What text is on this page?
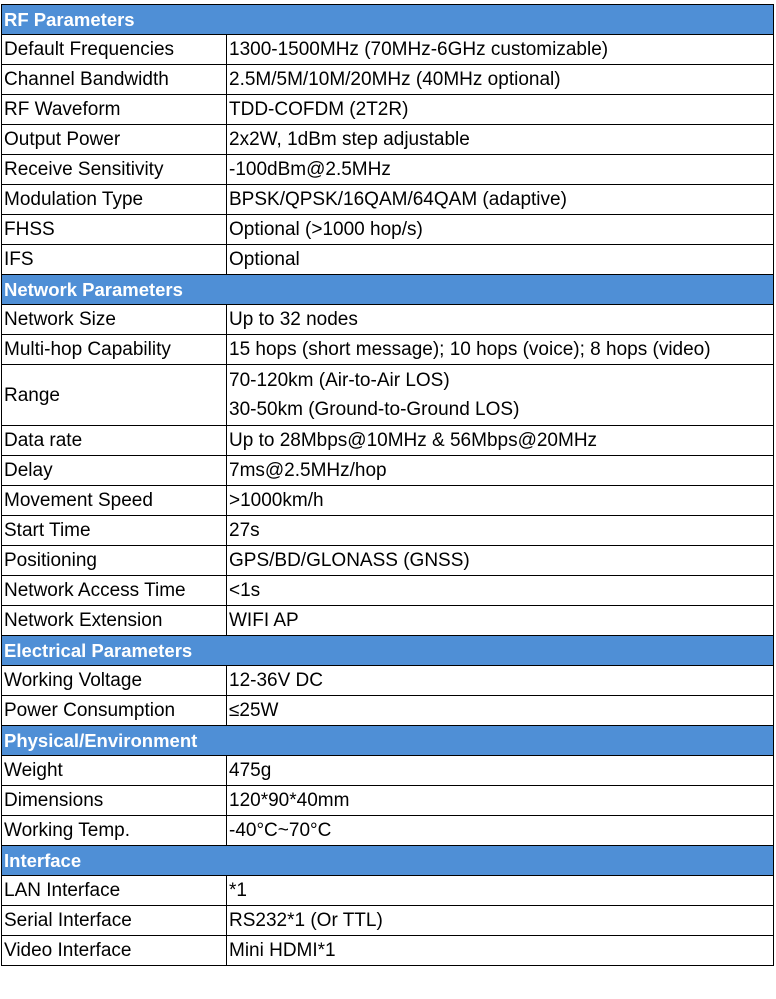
RF Parameters	
Default Frequencies	1300-1500MHz (70MHz-6GHz customizable)
Channel Bandwidth	2.5M/5M/10M/20MHz (40MHz optional)
RF Waveform	TDD-COFDM (2T2R)
Output Power	2x2W, 1dBm step adjustable
Receive Sensitivity	-100dBm@2.5MHz
Modulation Type	BPSK/QPSK/16QAM/64QAM (adaptive)
FHSS	Optional (>1000 hop/s)
IFS	Optional
Network Parameters	
Network Size	Up to 32 nodes
Multi-hop Capability	15 hops (short message); 10 hops (voice); 8 hops (video)
Range	70-120km (Air-to-Air LOS)
30-50km (Ground-to-Ground LOS)

Data rate	Up to 28Mbps@10MHz & 56Mbps@20MHz
Delay	7ms@2.5MHz/hop
Movement Speed	>1000km/h
Start Time	27s
Positioning	GPS/BD/GLONASS (GNSS)
Network Access Time	<1s
Network Extension	WIFI AP
Electrical Parameters	
Working Voltage	12-36V DC
Power Consumption	≤25W
Physical/Environment	
Weight	475g
Dimensions	120*90*40mm
Working Temp.	-40°C~70°C
Interface	
LAN Interface	*1
Serial Interface	RS232*1 (Or TTL)
Video Interface	Mini HDMI*1
